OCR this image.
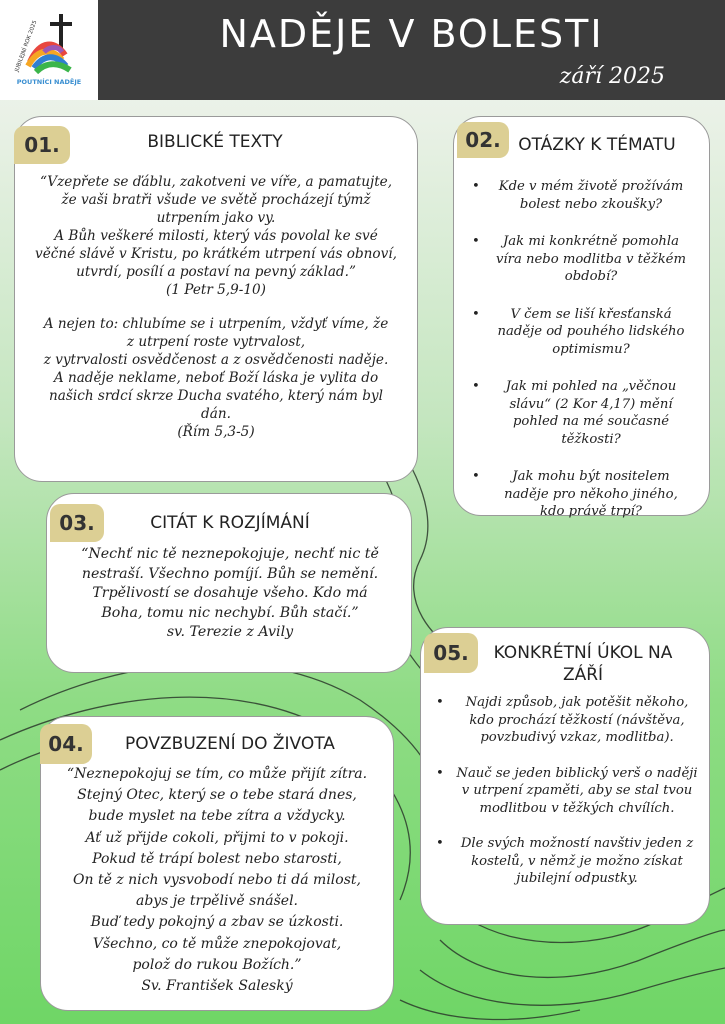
JUBILEJNÍ ROK 2025
POUTNÍCI NADĚJE
NADĚJE V BOLESTI
září 2025
01.	BIBLICKÉ TEXTY

“Vzepřete se ďáblu, zakotveni ve víře, a pamatujte,

že vaši bratři všude ve světě procházejí týmž

utrpením jako vy.

A Bůh veškeré milosti, který vás povolal ke své

věčné slávě v Kristu, po krátkém utrpení vás obnoví,

utvrdí, posílí a postaví na pevný základ.”

(1 Petr 5,9-10)

A nejen to: chlubíme se i utrpením, vždyť víme, že

z utrpení roste vytrvalost,

z vytrvalosti osvědčenost a z osvědčenosti naděje.

A naděje neklame, neboť Boží láska je vylita do

našich srdcí skrze Ducha svatého, který nám byl

dán.

(Řím 5,3-5)

02.	OTÁZKY K TÉMATU
• Kde v mém životě prožívám bolest nebo zkoušky?
• Jak mi konkrétně pomohla víra nebo modlitba v těžkém období?
• V čem se liší křesťanská naděje od pouhého lidského optimismu?
• Jak mi pohled na „věčnou slávu“ (2 Kor 4,17) mění pohled na mé současné těžkosti?
• Jak mohu být nositelem naděje pro někoho jiného, kdo právě trpí?
03.	CITÁT K ROZJÍMÁNÍ

“Nechť nic tě neznepokojuje, nechť nic tě

nestraší. Všechno pomíjí. Bůh se nemění.

Trpělivostí se dosahuje všeho. Kdo má

Boha, tomu nic nechybí. Bůh stačí.”

sv. Terezie z Avily

04.	POVZBUZENÍ DO ŽIVOTA

“Neznepokojuj se tím, co může přijít zítra.

Stejný Otec, který se o tebe stará dnes,

bude myslet na tebe zítra a vždycky.

Ať už přijde cokoli, přijmi to v pokoji.

Pokud tě trápí bolest nebo starosti,

On tě z nich vysvobodí nebo ti dá milost,

abys je trpělivě snášel.

Buď tedy pokojný a zbav se úzkosti.

Všechno, co tě může znepokojovat,

polož do rukou Božích.”

Sv. František Saleský

05.	KONKRÉTNÍ ÚKOL NA ZÁŘÍ
• Najdi způsob, jak potěšit někoho, kdo prochází těžkostí (návštěva, povzbudivý vzkaz, modlitba).
• Nauč se jeden biblický verš o naději v utrpení zpaměti, aby se stal tvou modlitbou v těžkých chvílích.
• Dle svých možností navštiv jeden z kostelů, v němž je možno získat jubilejní odpustky.
